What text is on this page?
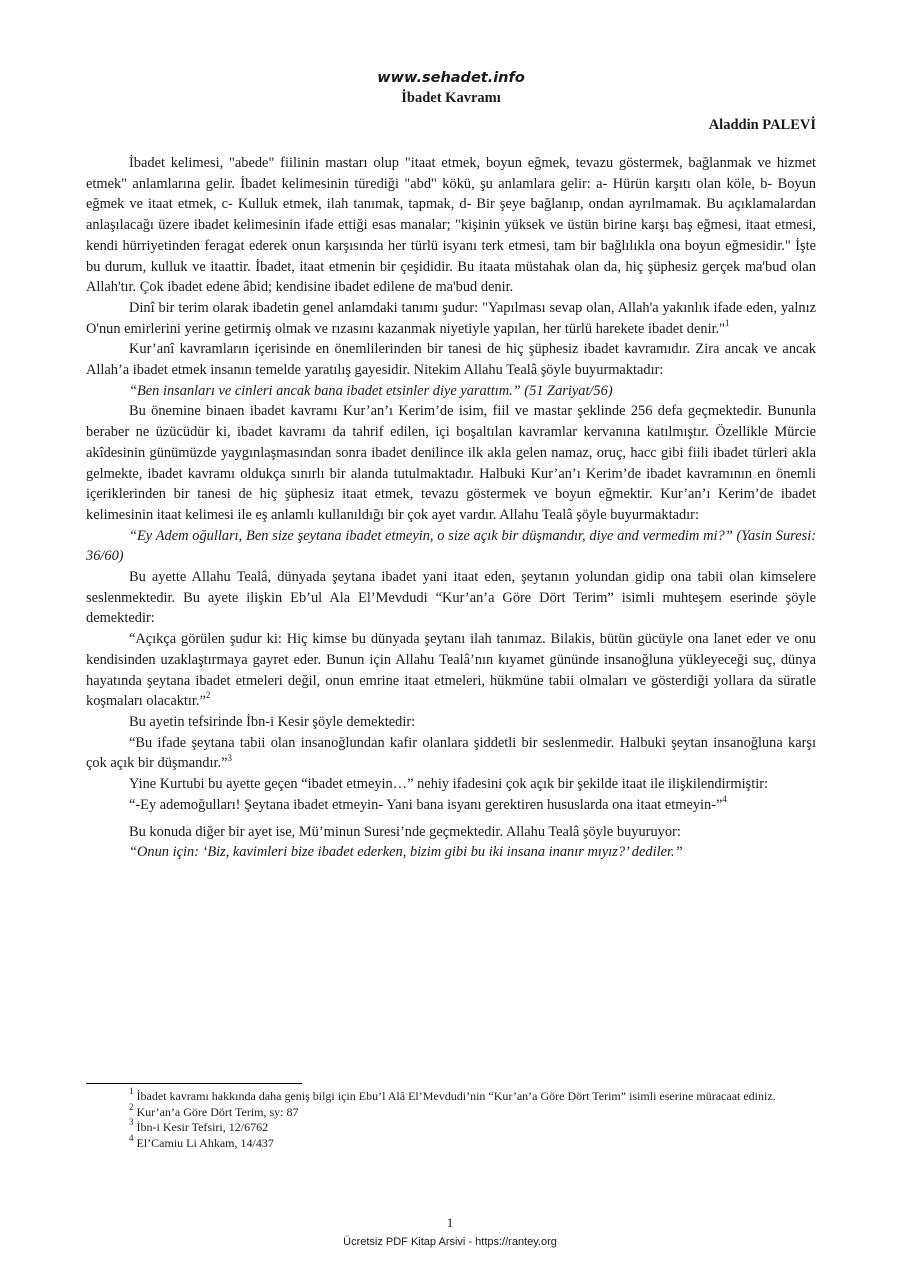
www.sehadet.info
İbadet Kavramı
Aladdin PALEVİ

İbadet kelimesi, "abede" fiilinin mastarı olup "itaat etmek, boyun eğmek, tevazu göstermek, bağlanmak ve hizmet etmek" anlamlarına gelir. İbadet kelimesinin türediği "abd" kökü, şu anlamlara gelir: a- Hürün karşıtı olan köle, b- Boyun eğmek ve itaat etmek, c- Kulluk etmek, ilah tanımak, tapmak, d- Bir şeye bağlanıp, ondan ayrılmamak. Bu açıklamalardan anlaşılacağı üzere ibadet kelimesinin ifade ettiği esas manalar; "kişinin yüksek ve üstün birine karşı baş eğmesi, itaat etmesi, kendi hürriyetinden feragat ederek onun karşısında her türlü isyanı terk etmesi, tam bir bağlılıkla ona boyun eğmesidir." İşte bu durum, kulluk ve itaattir. İbadet, itaat etmenin bir çeşididir. Bu itaata müstahak olan da, hiç şüphesiz gerçek ma'bud olan Allah'tır. Çok ibadet edene âbid; kendisine ibadet edilene de ma'bud denir.

Dinî bir terim olarak ibadetin genel anlamdaki tanımı şudur: "Yapılması sevap olan, Allah'a yakınlık ifade eden, yalnız O'nun emirlerini yerine getirmiş olmak ve rızasını kazanmak niyetiyle yapılan, her türlü harekete ibadet denir."$^1$

Kur’anî kavramların içerisinde en önemlilerinden bir tanesi de hiç şüphesiz ibadet kavramıdır. Zira ancak ve ancak Allah’a ibadet etmek insanın temelde yaratılış gayesidir. Nitekim Allahu Tealâ şöyle buyurmaktadır:

“Ben insanları ve cinleri ancak bana ibadet etsinler diye yarattım.” (51 Zariyat/56)

Bu önemine binaen ibadet kavramı Kur’an’ı Kerim’de isim, fiil ve mastar şeklinde 256 defa geçmektedir. Bununla beraber ne üzücüdür ki, ibadet kavramı da tahrif edilen, içi boşaltılan kavramlar kervanına katılmıştır. Özellikle Mürcie akîdesinin günümüzde yaygınlaşmasından sonra ibadet denilince ilk akla gelen namaz, oruç, hacc gibi fiili ibadet türleri akla gelmekte, ibadet kavramı oldukça sınırlı bir alanda tutulmaktadır. Halbuki Kur’an’ı Kerim’de ibadet kavramının en önemli içeriklerinden bir tanesi de hiç şüphesiz itaat etmek, tevazu göstermek ve boyun eğmektir. Kur’an’ı Kerim’de ibadet kelimesinin itaat kelimesi ile eş anlamlı kullanıldığı bir çok ayet vardır. Allahu Tealâ şöyle buyurmaktadır:

“Ey Adem oğulları, Ben size şeytana ibadet etmeyin, o size açık bir düşmandır, diye and vermedim mi?” (Yasin Suresi: 36/60)

Bu ayette Allahu Tealâ, dünyada şeytana ibadet yani itaat eden, şeytanın yolundan gidip ona tabii olan kimselere seslenmektedir. Bu ayete ilişkin Eb’ul Ala El’Mevdudi “Kur’an’a Göre Dört Terim” isimli muhteşem eserinde şöyle demektedir:

“Açıkça görülen şudur ki: Hiç kimse bu dünyada şeytanı ilah tanımaz. Bilakis, bütün gücüyle ona lanet eder ve onu kendisinden uzaklaştırmaya gayret eder. Bunun için Allahu Tealâ’nın kıyamet gününde insanoğluna yükleyeceği suç, dünya hayatında şeytana ibadet etmeleri değil, onun emrine itaat etmeleri, hükmüne tabii olmaları ve gösterdiği yollara da süratle koşmaları olacaktır.”$^2$

Bu ayetin tefsirinde İbn-i Kesir şöyle demektedir:

“Bu ifade şeytana tabii olan insanoğlundan kafir olanlara şiddetli bir seslenmedir. Halbuki şeytan insanoğluna karşı çok açık bir düşmandır.”$^3$

Yine Kurtubi bu ayette geçen “ibadet etmeyin…” nehiy ifadesini çok açık bir şekilde itaat ile ilişkilendirmiştir:

“-Ey ademoğulları! Şeytana ibadet etmeyin- Yani bana isyanı gerektiren hususlarda ona itaat etmeyin-”$^4$

Bu konuda diğer bir ayet ise, Mü’minun Suresi’nde geçmektedir. Allahu Tealâ şöyle buyuruyor:

“Onun için: ‘Biz, kavimleri bize ibadet ederken, bizim gibi bu iki insana inanır mıyız?’ dediler.”

$^1$ İbadet kavramı hakkında daha geniş bilgi için Ebu’l Alâ El’Mevdudi’nin “Kur’an’a Göre Dört Terim” isimli eserine müracaat ediniz.

$^2$ Kur’an’a Göre Dört Terim, sy: 87

$^3$ İbn-i Kesir Tefsiri, 12/6762

$^4$ El’Camiu Li Ahkam, 14/437

1
Ücretsiz PDF Kitap Arsivi - https://rantey.org
